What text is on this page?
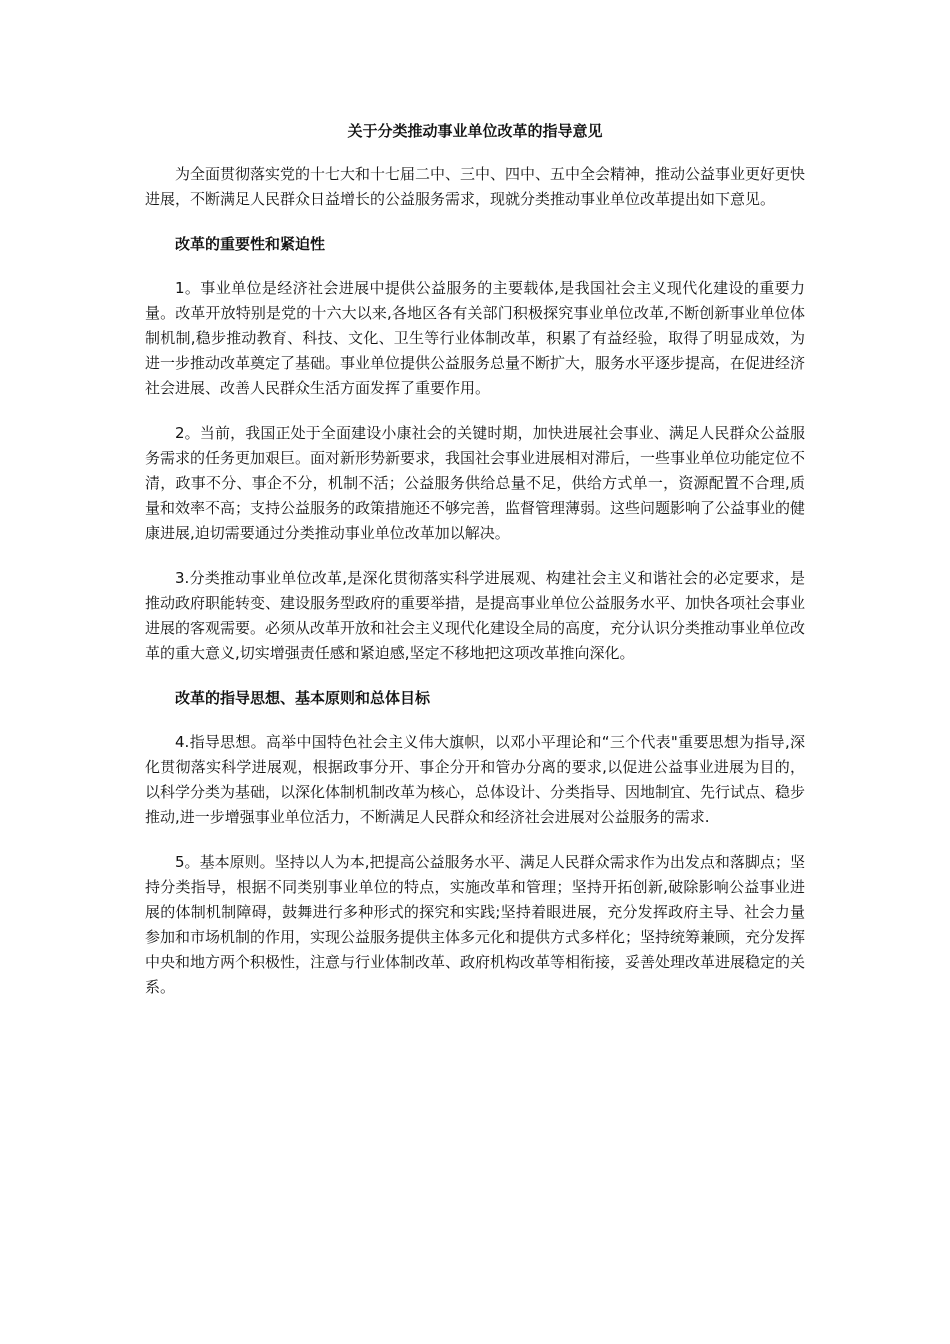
关于分类推动事业单位改革的指导意见

为全面贯彻落实党的十七大和十七届二中、三中、四中、五中全会精神，推动公益事业更好更快进展，不断满足人民群众日益增长的公益服务需求，现就分类推动事业单位改革提出如下意见。

改革的重要性和紧迫性

1。事业单位是经济社会进展中提供公益服务的主要载体,是我国社会主义现代化建设的重要力量。改革开放特别是党的十六大以来,各地区各有关部门积极探究事业单位改革,不断创新事业单位体制机制,稳步推动教育、科技、文化、卫生等行业体制改革，积累了有益经验，取得了明显成效，为进一步推动改革奠定了基础。事业单位提供公益服务总量不断扩大，服务水平逐步提高，在促进经济社会进展、改善人民群众生活方面发挥了重要作用。

2。当前，我国正处于全面建设小康社会的关键时期，加快进展社会事业、满足人民群众公益服务需求的任务更加艰巨。面对新形势新要求，我国社会事业进展相对滞后，一些事业单位功能定位不清，政事不分、事企不分，机制不活；公益服务供给总量不足，供给方式单一，资源配置不合理,质量和效率不高；支持公益服务的政策措施还不够完善，监督管理薄弱。这些问题影响了公益事业的健康进展,迫切需要通过分类推动事业单位改革加以解决。

3.分类推动事业单位改革,是深化贯彻落实科学进展观、构建社会主义和谐社会的必定要求，是推动政府职能转变、建设服务型政府的重要举措，是提高事业单位公益服务水平、加快各项社会事业进展的客观需要。必须从改革开放和社会主义现代化建设全局的高度，充分认识分类推动事业单位改革的重大意义,切实增强责任感和紧迫感,坚定不移地把这项改革推向深化。

改革的指导思想、基本原则和总体目标

4.指导思想。高举中国特色社会主义伟大旗帜，以邓小平理论和“三个代表"重要思想为指导,深化贯彻落实科学进展观，根据政事分开、事企分开和管办分离的要求,以促进公益事业进展为目的，以科学分类为基础，以深化体制机制改革为核心，总体设计、分类指导、因地制宜、先行试点、稳步推动,进一步增强事业单位活力，不断满足人民群众和经济社会进展对公益服务的需求.

5。基本原则。坚持以人为本,把提高公益服务水平、满足人民群众需求作为出发点和落脚点；坚持分类指导，根据不同类别事业单位的特点，实施改革和管理；坚持开拓创新,破除影响公益事业进展的体制机制障碍，鼓舞进行多种形式的探究和实践;坚持着眼进展，充分发挥政府主导、社会力量参加和市场机制的作用，实现公益服务提供主体多元化和提供方式多样化；坚持统筹兼顾，充分发挥中央和地方两个积极性，注意与行业体制改革、政府机构改革等相衔接，妥善处理改革进展稳定的关系。
